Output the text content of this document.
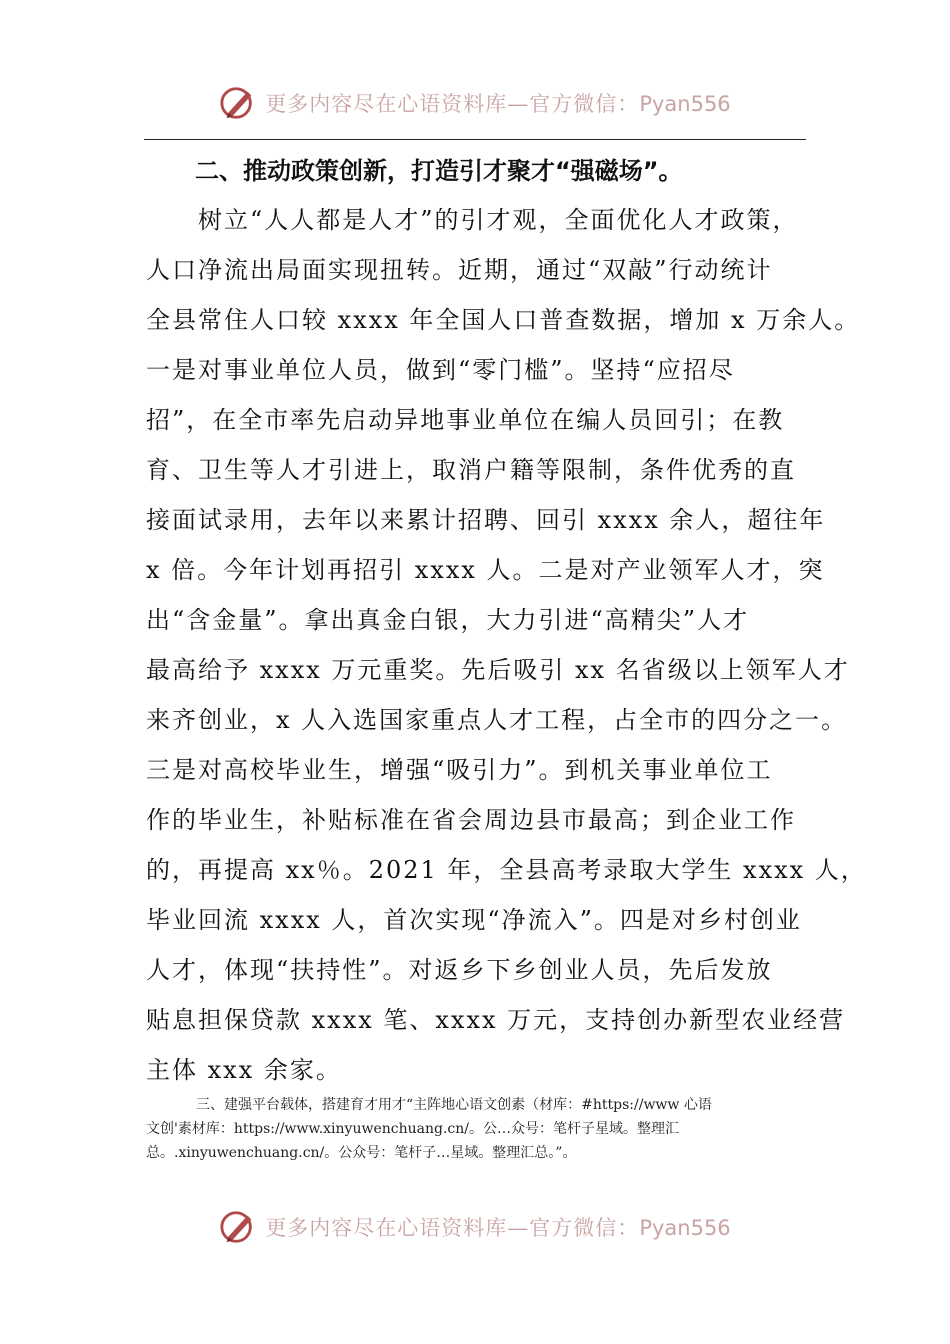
更多内容尽在心语资料库—官方微信：Pyan556
二、推动政策创新，打造引才聚才“强磁场”。
　　树立“人人都是人才”的引才观，全面优化人才政策，
人口净流出局面实现扭转。近期，通过“双敲”行动统计
全县常住人口较 xxxx 年全国人口普查数据，增加 x 万余人。
一是对事业单位人员，做到“零门槛”。坚持“应招尽
招”，在全市率先启动异地事业单位在编人员回引；在教
育、卫生等人才引进上，取消户籍等限制，条件优秀的直
接面试录用，去年以来累计招聘、回引 xxxx 余人，超往年
x 倍。今年计划再招引 xxxx 人。二是对产业领军人才，突
出“含金量”。拿出真金白银，大力引进“高精尖”人才
最高给予 xxxx 万元重奖。先后吸引 xx 名省级以上领军人才
来齐创业，x 人入选国家重点人才工程，占全市的四分之一。
三是对高校毕业生，增强“吸引力”。到机关事业单位工
作的毕业生，补贴标准在省会周边县市最高；到企业工作
的，再提高 xx％。2021 年，全县高考录取大学生 xxxx 人，
毕业回流 xxxx 人，首次实现“净流入”。四是对乡村创业
人才，体现“扶持性”。对返乡下乡创业人员，先后发放
贴息担保贷款 xxxx 笔、xxxx 万元，支持创办新型农业经营
主体 xxx 余家。
三、建强平台载体，搭建育才用才“主阵地心语文创素（材库：#https://www 心语
文创'素材库：https://www.xinyuwenchuang.cn/。公…众号：笔杆子星域。整理汇
总。.xinyuwenchuang.cn/。公众号：笔杆子…星域。整理汇总。”。
更多内容尽在心语资料库—官方微信：Pyan556
